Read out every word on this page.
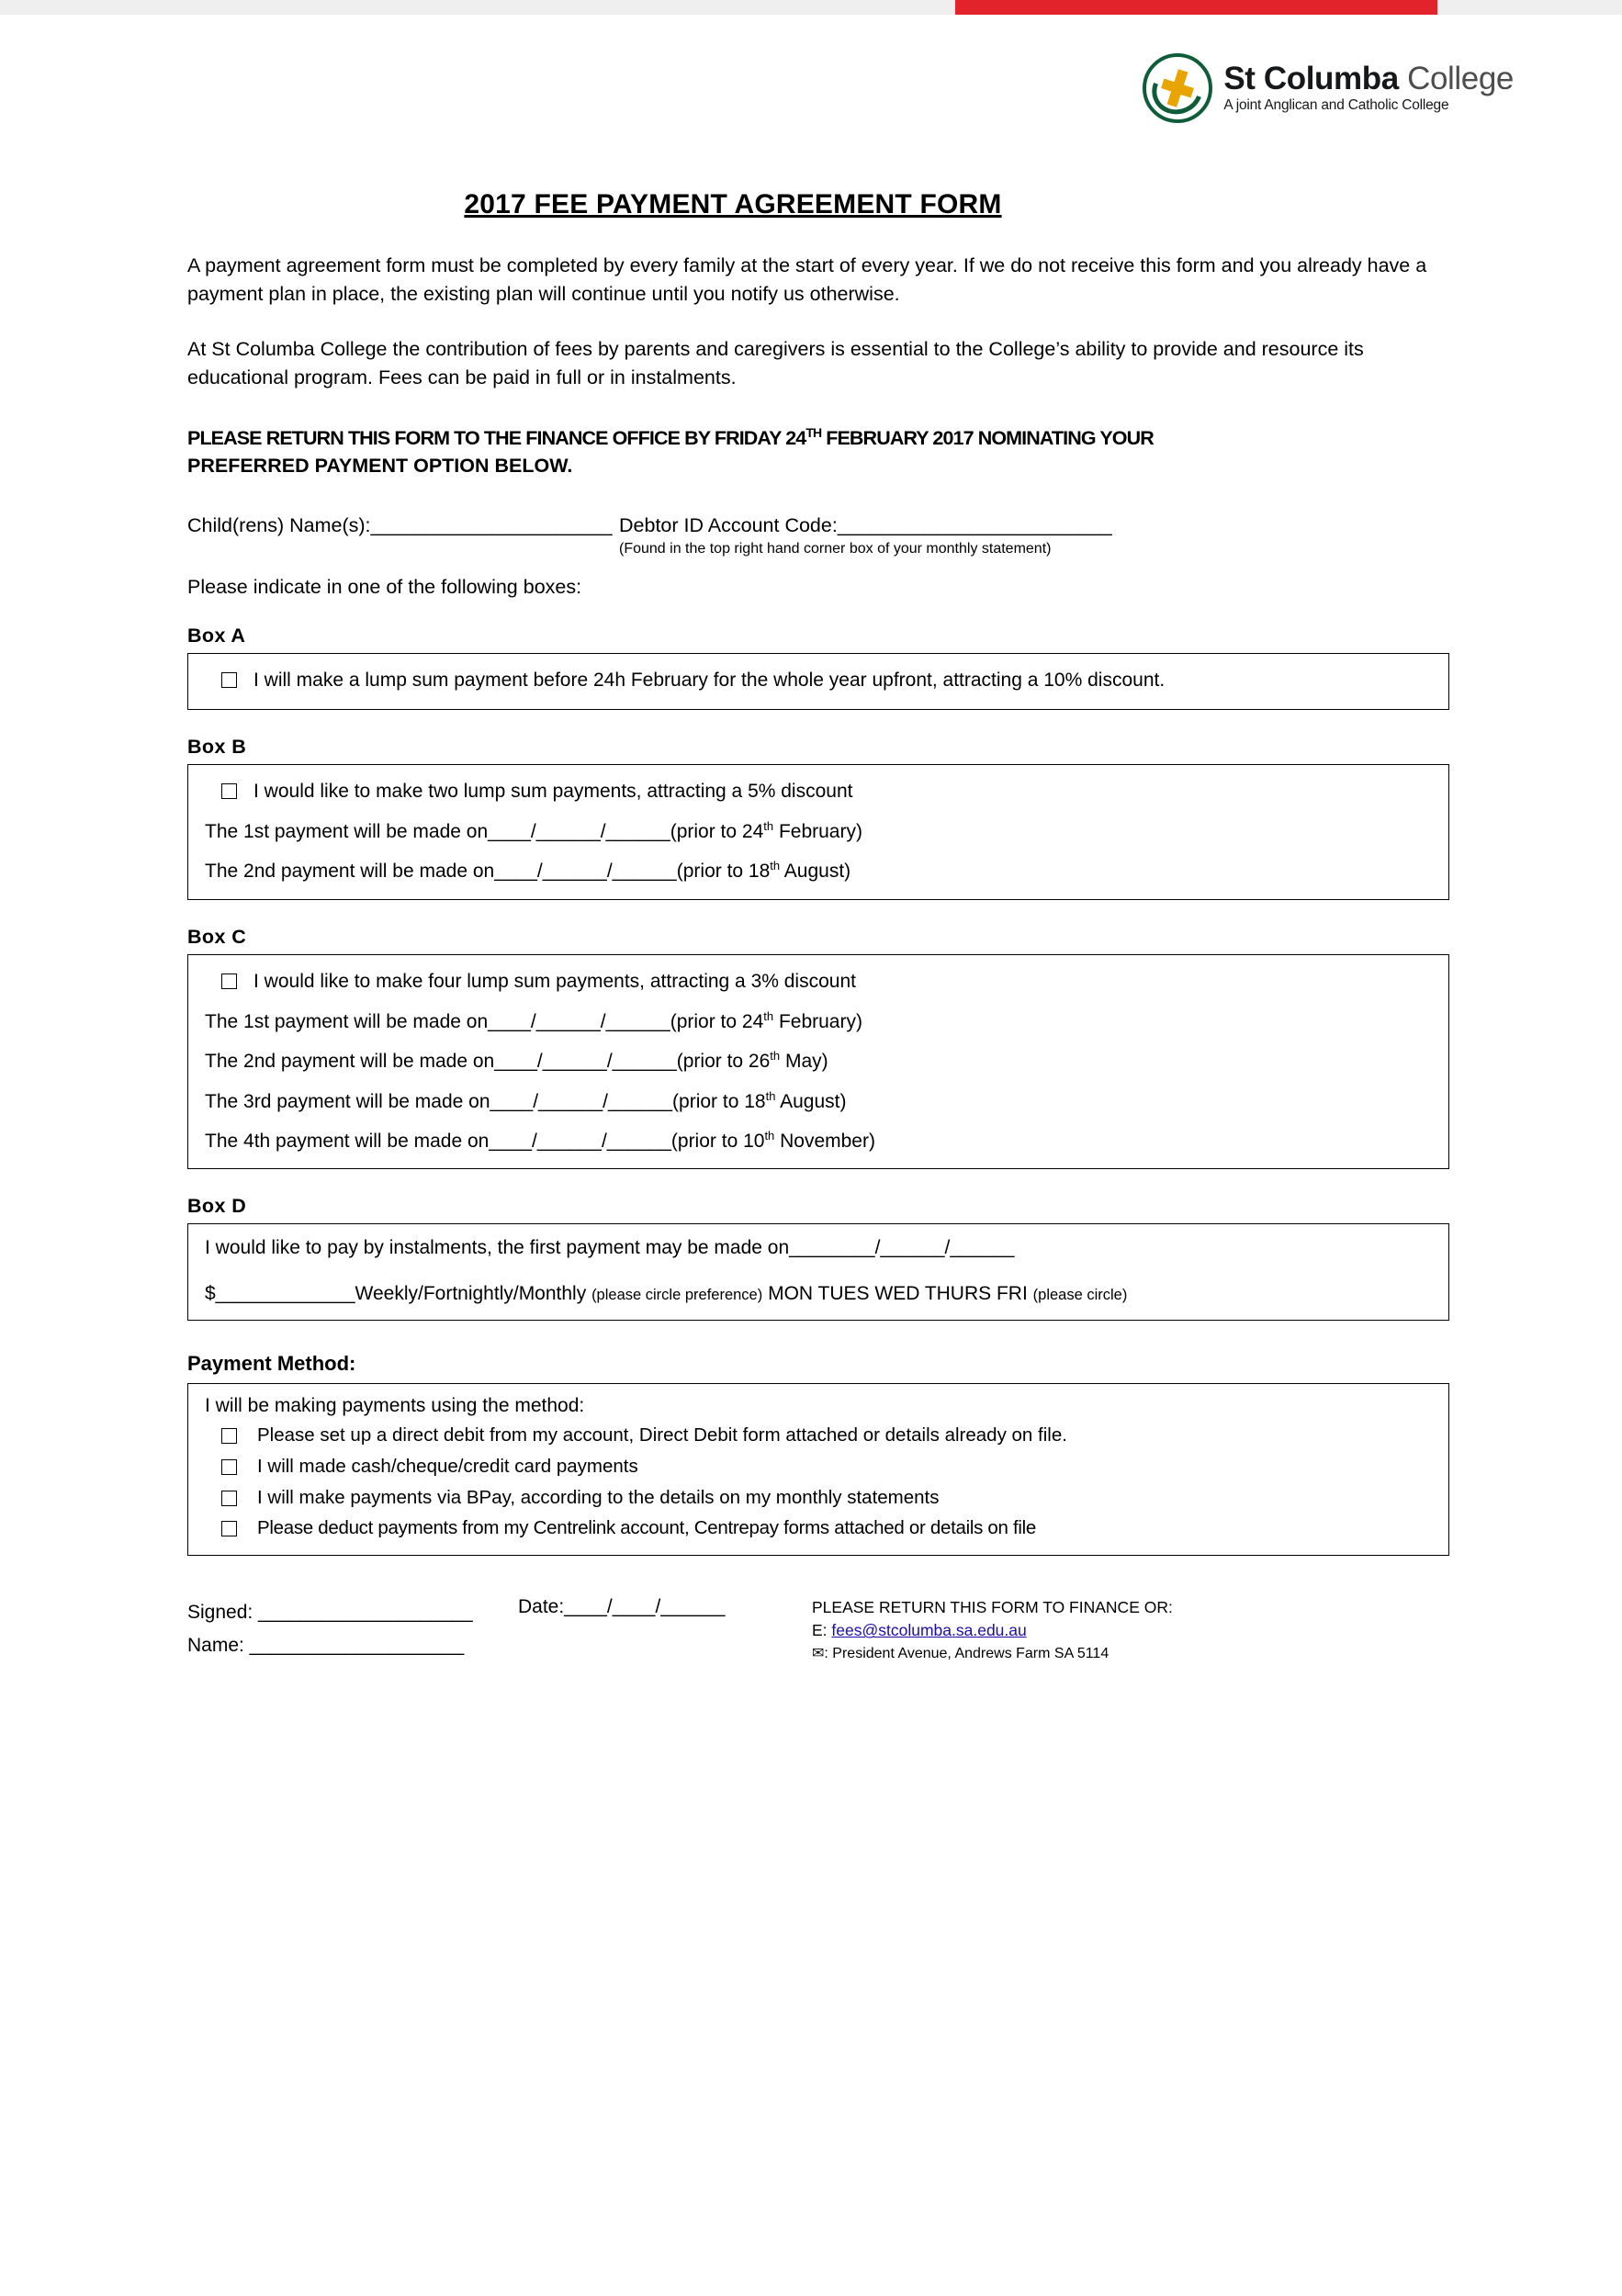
St Columba College
A joint Anglican and Catholic College
2017 FEE PAYMENT AGREEMENT FORM

A payment agreement form must be completed by every family at the start of every year. If we do not receive this form and you already have a payment plan in place, the existing plan will continue until you notify us otherwise.

At St Columba College the contribution of fees by parents and caregivers is essential to the College’s ability to provide and resource its educational program. Fees can be paid in full or in instalments.

PLEASE RETURN THIS FORM TO THE FINANCE OFFICE BY FRIDAY 24TH FEBRUARY 2017 NOMINATING YOUR
PREFERRED PAYMENT OPTION BELOW.
Child(rens) Name(s):______________________ Debtor ID Account Code:_________________________
(Found in the top right hand corner box of your monthly statement)
Please indicate in one of the following boxes:
Box A
I will make a lump sum payment before 24h February for the whole year upfront, attracting a 10% discount.
Box B
I would like to make two lump sum payments, attracting a 5% discount
The 1st payment will be made on____/______/______(prior to 24th February)
The 2nd payment will be made on____/______/______(prior to 18th August)
Box C
I would like to make four lump sum payments, attracting a 3% discount
The 1st payment will be made on____/______/______(prior to 24th February)
The 2nd payment will be made on____/______/______(prior to 26th May)
The 3rd payment will be made on____/______/______(prior to 18th August)
The 4th payment will be made on____/______/______(prior to 10th November)
Box D
I would like to pay by instalments, the first payment may be made on________/______/______
$_____________Weekly/Fortnightly/Monthly (please circle preference) MON TUES WED THURS FRI (please circle)
Payment Method:
I will be making payments using the method:
Please set up a direct debit from my account, Direct Debit form attached or details already on file.
I will made cash/cheque/credit card payments
I will make payments via BPay, according to the details on my monthly statements
Please deduct payments from my Centrelink account, Centrepay forms attached or details on file
Signed: ____________________
Name: ____________________
Date:____/____/______	PLEASE RETURN THIS FORM TO FINANCE OR:
E: fees@stcolumba.sa.edu.au
✉: President Avenue, Andrews Farm SA 5114
